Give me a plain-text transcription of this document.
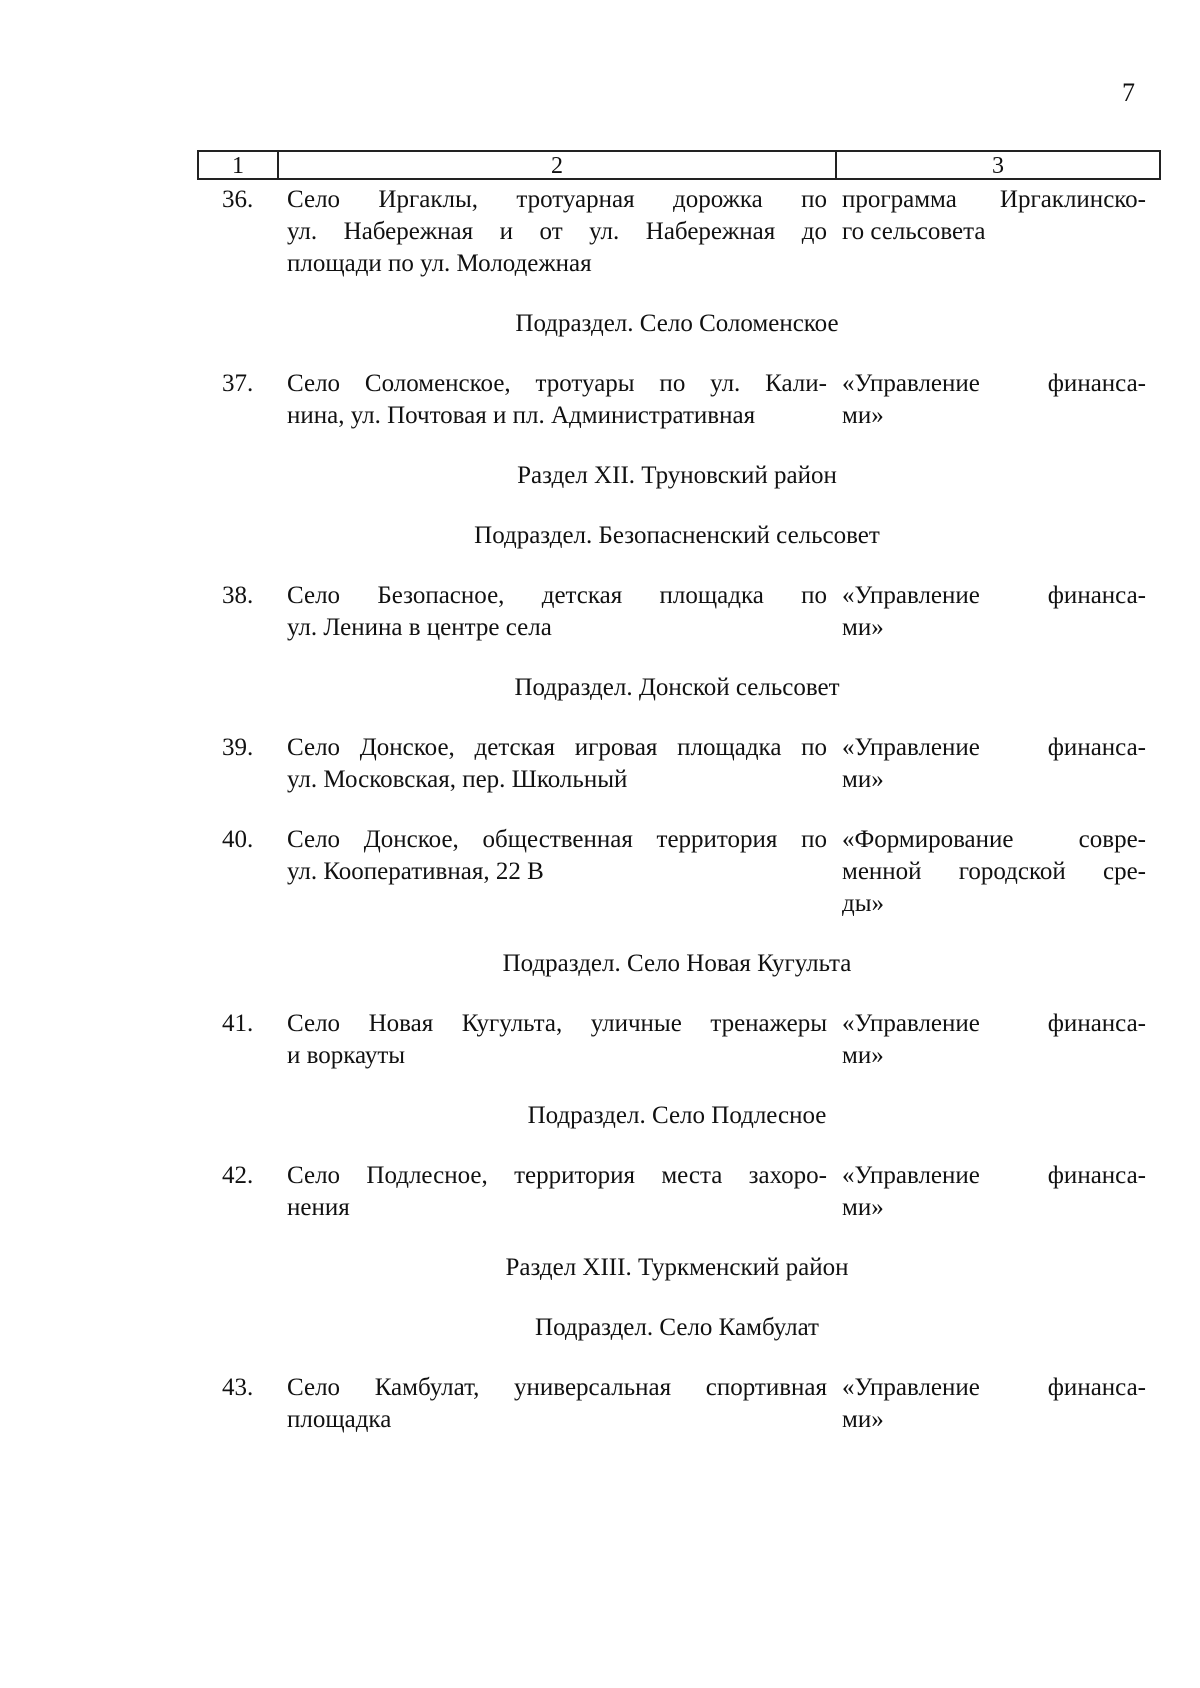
7
1	2	3
36. Село Иргаклы, тротуарная дорожка по
ул. Набережная и от ул. Набережная до
площади по ул. Молодежная
программа Иргаклинско-
го сельсовета
Подраздел. Село Соломенское
37. Село Соломенское, тротуары по ул. Кали-
нина, ул. Почтовая и пл. Административная
«Управление финанса-
ми»
Раздел XII. Труновский район
Подраздел. Безопасненский сельсовет
38. Село Безопасное, детская площадка по
ул. Ленина в центре села
«Управление финанса-
ми»
Подраздел. Донской сельсовет
39. Село Донское, детская игровая площадка по
ул. Московская, пер. Школьный
«Управление финанса-
ми»
40. Село Донское, общественная территория по
ул. Кооперативная, 22 В
«Формирование совре-
менной городской сре-
ды»
Подраздел. Село Новая Кугульта
41. Село Новая Кугульта, уличные тренажеры
и воркауты
«Управление финанса-
ми»
Подраздел. Село Подлесное
42. Село Подлесное, территория места захоро-
нения
«Управление финанса-
ми»
Раздел XIII. Туркменский район
Подраздел. Село Камбулат
43. Село Камбулат, универсальная спортивная
площадка
«Управление финанса-
ми»
